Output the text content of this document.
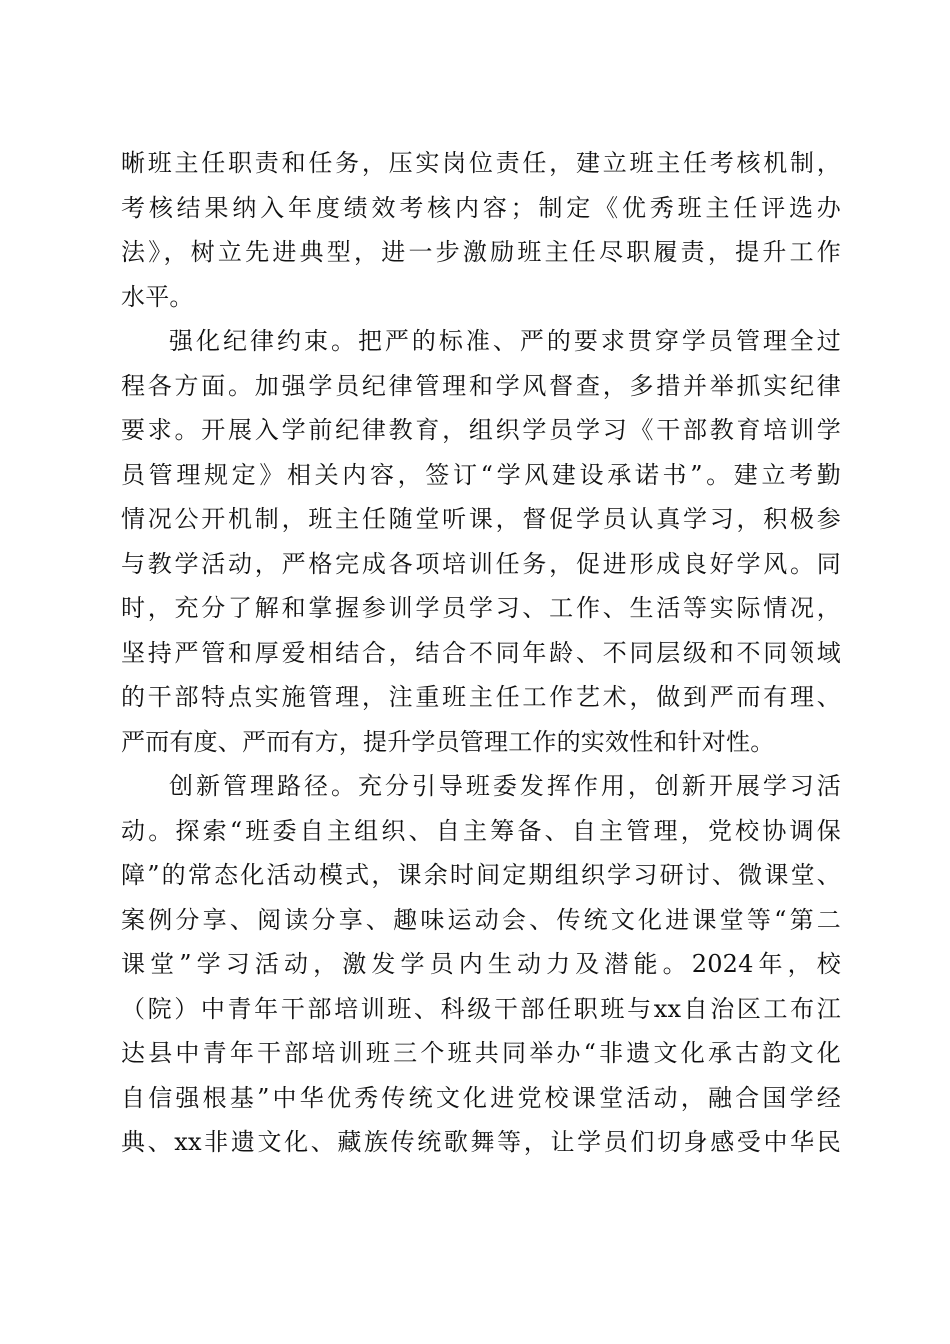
晰班主任职责和任务，压实岗位责任，建立班主任考核机制，
考核结果纳入年度绩效考核内容；制定《优秀班主任评选办
法》，树立先进典型，进一步激励班主任尽职履责，提升工作
水平。
强化纪律约束。把严的标准、严的要求贯穿学员管理全过
程各方面。加强学员纪律管理和学风督查，多措并举抓实纪律
要求。开展入学前纪律教育，组织学员学习《干部教育培训学
员管理规定》相关内容，签订“学风建设承诺书”。建立考勤
情况公开机制，班主任随堂听课，督促学员认真学习，积极参
与教学活动，严格完成各项培训任务，促进形成良好学风。同
时，充分了解和掌握参训学员学习、工作、生活等实际情况，
坚持严管和厚爱相结合，结合不同年龄、不同层级和不同领域
的干部特点实施管理，注重班主任工作艺术，做到严而有理、
严而有度、严而有方，提升学员管理工作的实效性和针对性。
创新管理路径。充分引导班委发挥作用，创新开展学习活
动。探索“班委自主组织、自主筹备、自主管理，党校协调保
障”的常态化活动模式，课余时间定期组织学习研讨、微课堂、
案例分享、阅读分享、趣味运动会、传统文化进课堂等“第二
课堂”学习活动，激发学员内生动力及潜能。2024年，校
（院）中青年干部培训班、科级干部任职班与xx自治区工布江
达县中青年干部培训班三个班共同举办“非遗文化承古韵文化
自信强根基”中华优秀传统文化进党校课堂活动，融合国学经
典、xx非遗文化、藏族传统歌舞等，让学员们切身感受中华民
